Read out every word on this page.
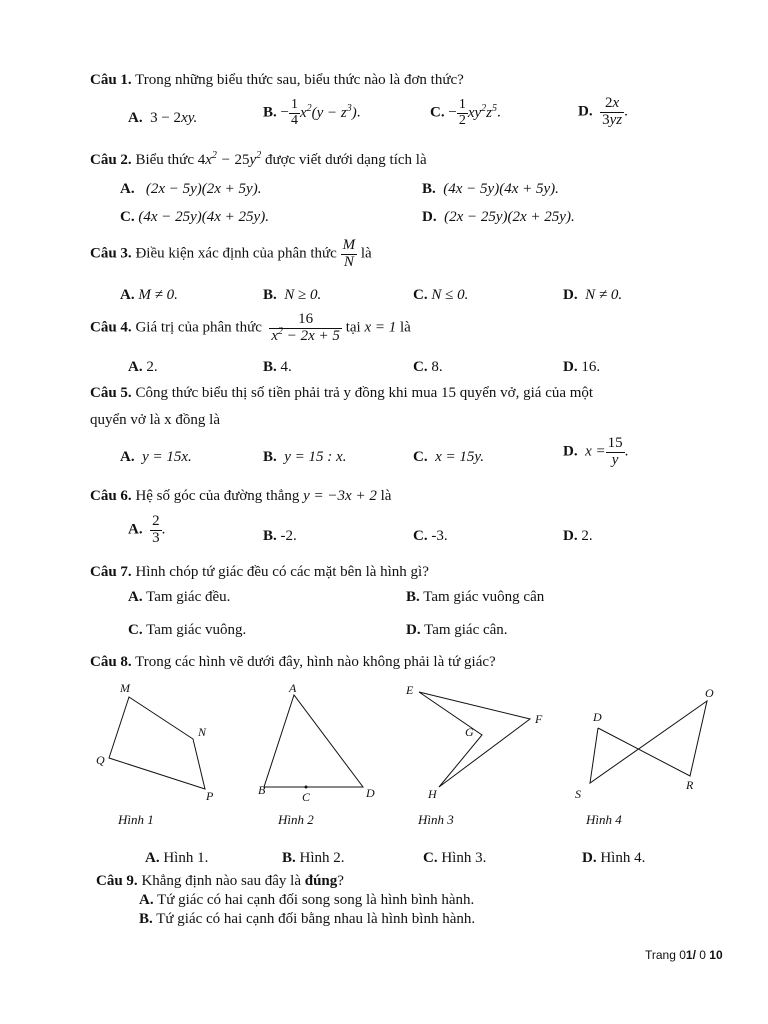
Câu 1. Trong những biểu thức sau, biểu thức nào là đơn thức?
A. 3 − 2xy.	B. − $\frac{1}{4} x^2(y - z^3)$.	C. − $\frac{1}{2} xy^2z^5$.	D. $\frac{2x}{3yz}$ .
Câu 2. Biểu thức $4x^2 - 25y^2$ được viết dưới dạng tích là
A. (2x − 5y)(2x + 5y).	B. (4x − 5y)(4x + 5y).
C. (4x − 25y)(4x + 25y).	D. (2x − 25y)(2x + 25y).
Câu 3. Điều kiện xác định của phân thức $\frac{M}{N}$ là
A. M ≠ 0.	B. N ≥ 0.	C. N ≤ 0.	D. N ≠ 0.
Câu 4. Giá trị của phân thức $\frac{16}{x^2 - 2x + 5}$ tại x = 1 là
A. 2.	B. 4.	C. 8.	D. 16.
Câu 5. Công thức biểu thị số tiền phải trả y đồng khi mua 15 quyển vở, giá của một
quyển vở là x đồng là
A. y = 15x.	B. y = 15 : x.	C. x = 15y.	D. $x = \frac{15}{y}$ .
Câu 6. Hệ số góc của đường thẳng y = −3x + 2 là
A. $\frac{2}{3}$ .	B. -2.	C. -3.	D. 2.
Câu 7. Hình chóp tứ giác đều có các mặt bên là hình gì?
A. Tam giác đều.	B. Tam giác vuông cân
C. Tam giác vuông.	D. Tam giác cân.
Câu 8. Trong các hình vẽ dưới đây, hình nào không phải là tứ giác?
M
N
Q
P
A
B	C	D
E
F
G
H
O
D
S
R
Hình 1	Hình 2	Hình 3	Hình 4
A. Hình 1.	B. Hình 2.	C. Hình 3.	D. Hình 4.
Câu 9. Khẳng định nào sau đây là đúng?
A. Tứ giác có hai cạnh đối song song là hình bình hành.
B. Tứ giác có hai cạnh đối bằng nhau là hình bình hành.
Trang 01/ 0 10
